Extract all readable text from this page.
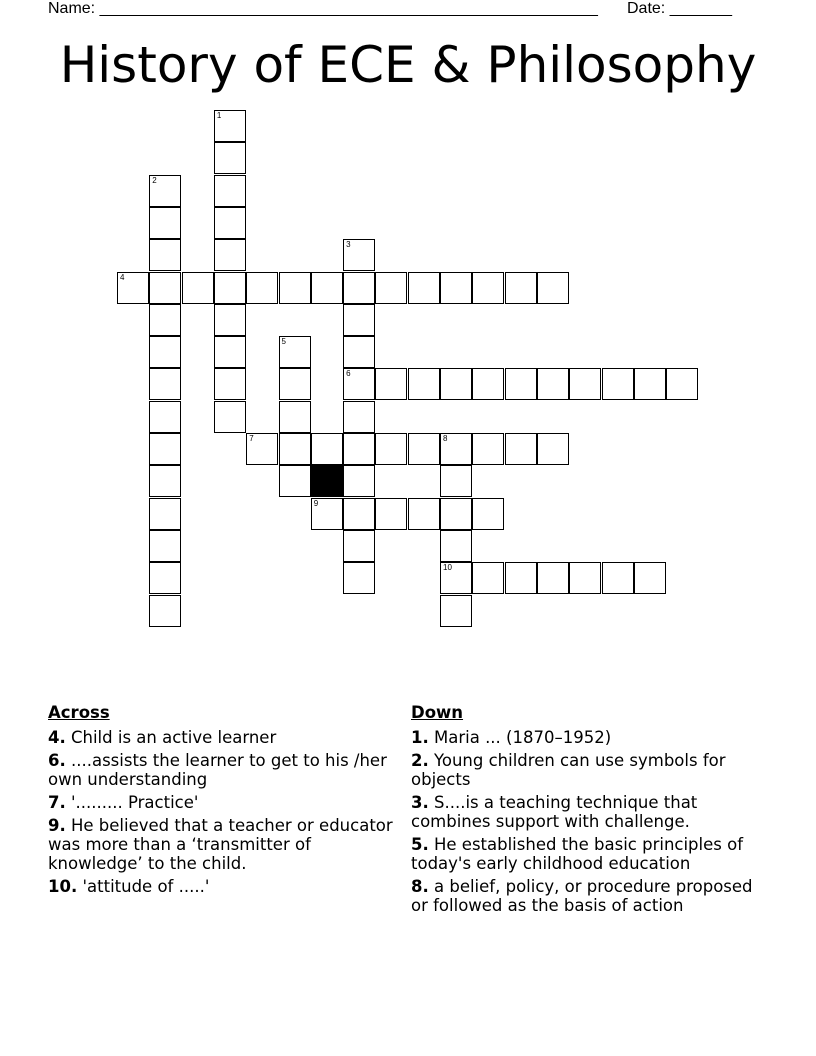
Name: ________________________________________________________ Date: _______
History of ECE & Philosophy
1
2
3
6
4
5
7	8
10
9
Across
4. Child is an active learner
6. ....assists the learner to get to his /her own understanding
7. '......... Practice'
9. He believed that a teacher or educator was more than a ‘transmitter of knowledge’ to the child.
10. 'attitude of .....'
Down
1. Maria ... (1870–1952)
2. Young children can use symbols for objects
3. S....is a teaching technique that combines support with challenge.
5. He established the basic principles of today's early childhood education
8. a belief, policy, or procedure proposed or followed as the basis of action
